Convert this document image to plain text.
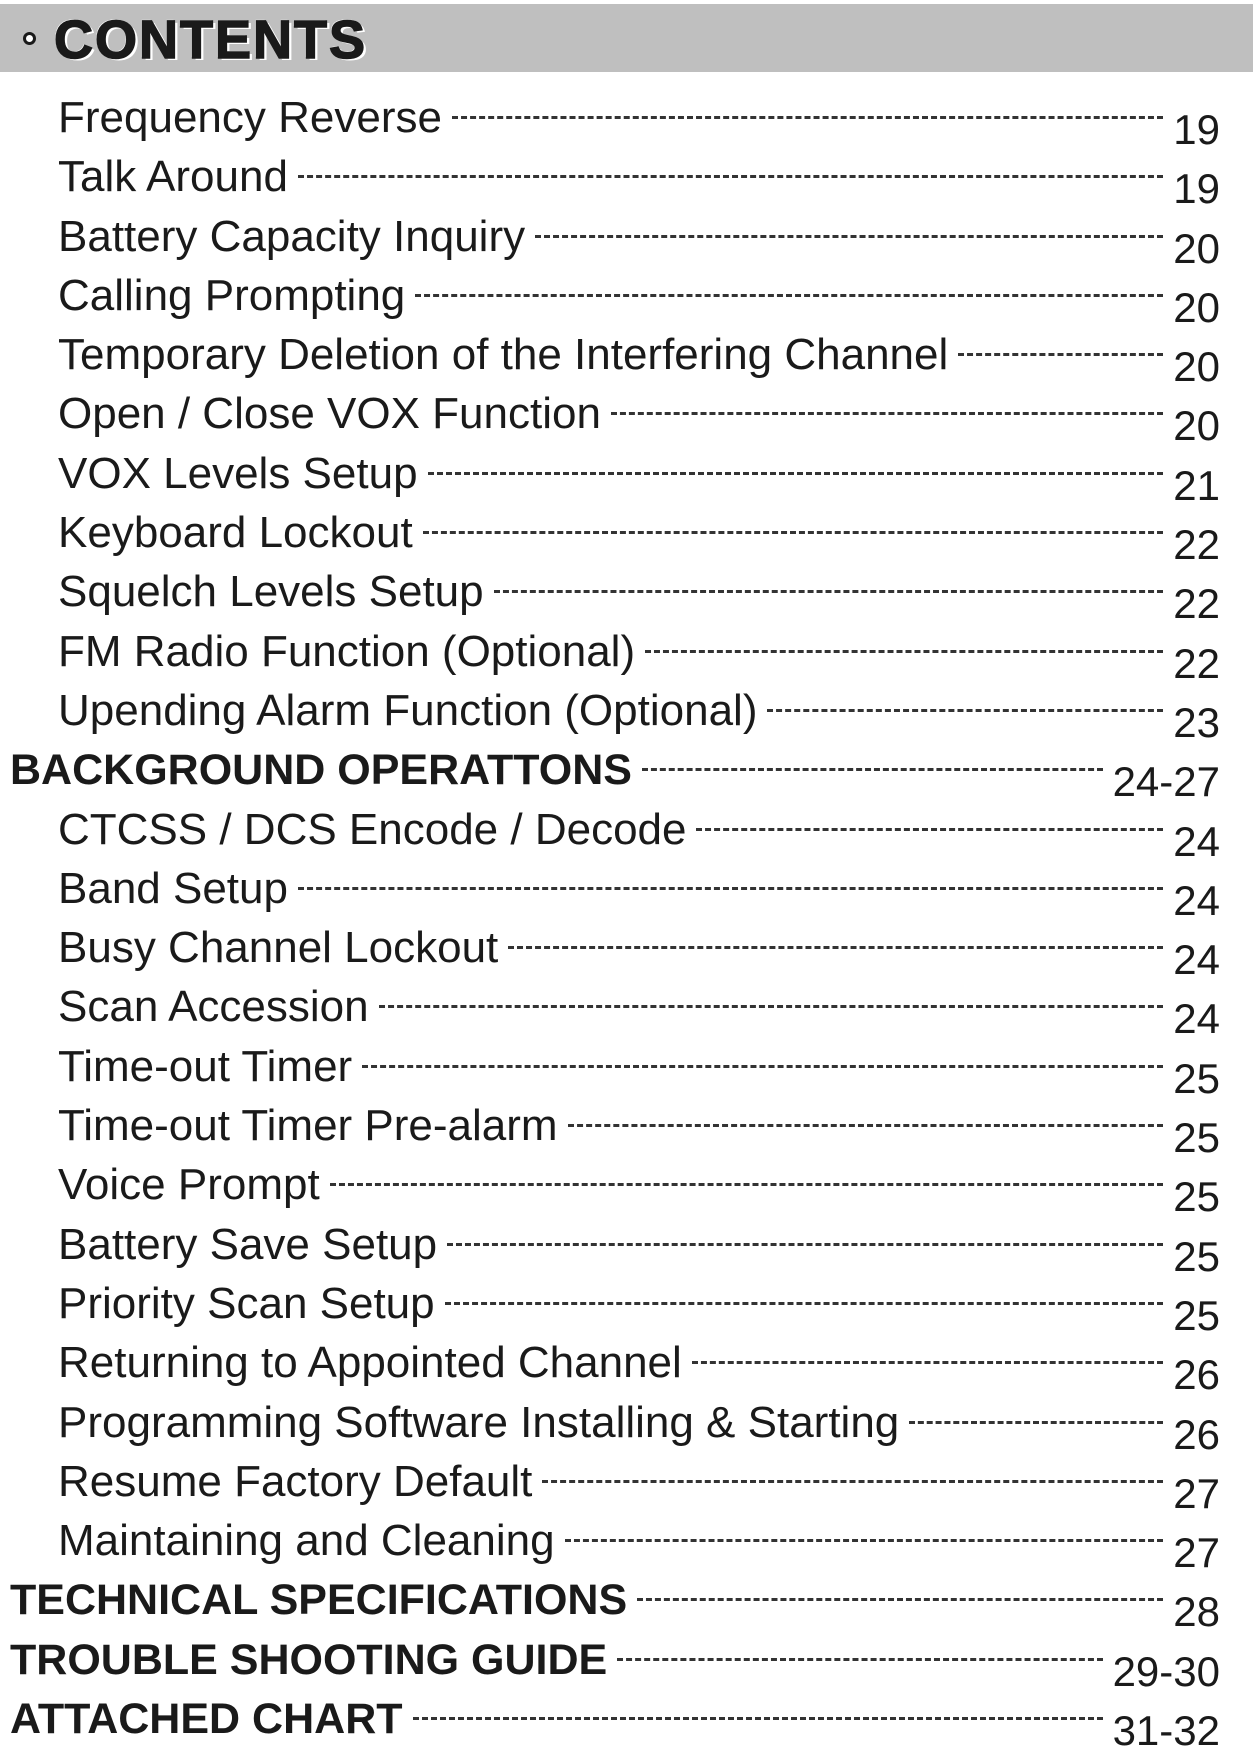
CONTENTS
Frequency Reverse	19
Talk Around	19
Battery Capacity Inquiry	20
Calling Prompting	20
Temporary Deletion of the Interfering Channel	20
Open / Close VOX Function	20
VOX Levels Setup	21
Keyboard Lockout	22
Squelch Levels Setup	22
FM Radio Function (Optional)	22
Upending Alarm Function (Optional)	23
BACKGROUND OPERATTONS	24-27
CTCSS / DCS Encode / Decode	24
Band Setup	24
Busy Channel Lockout	24
Scan Accession	24
Time-out Timer	25
Time-out Timer Pre-alarm	25
Voice Prompt	25
Battery Save Setup	25
Priority Scan Setup	25
Returning to Appointed Channel	26
Programming Software Installing & Starting	26
Resume Factory Default	27
Maintaining and Cleaning	27
TECHNICAL SPECIFICATIONS	28
TROUBLE SHOOTING GUIDE	29-30
ATTACHED CHART	31-32
